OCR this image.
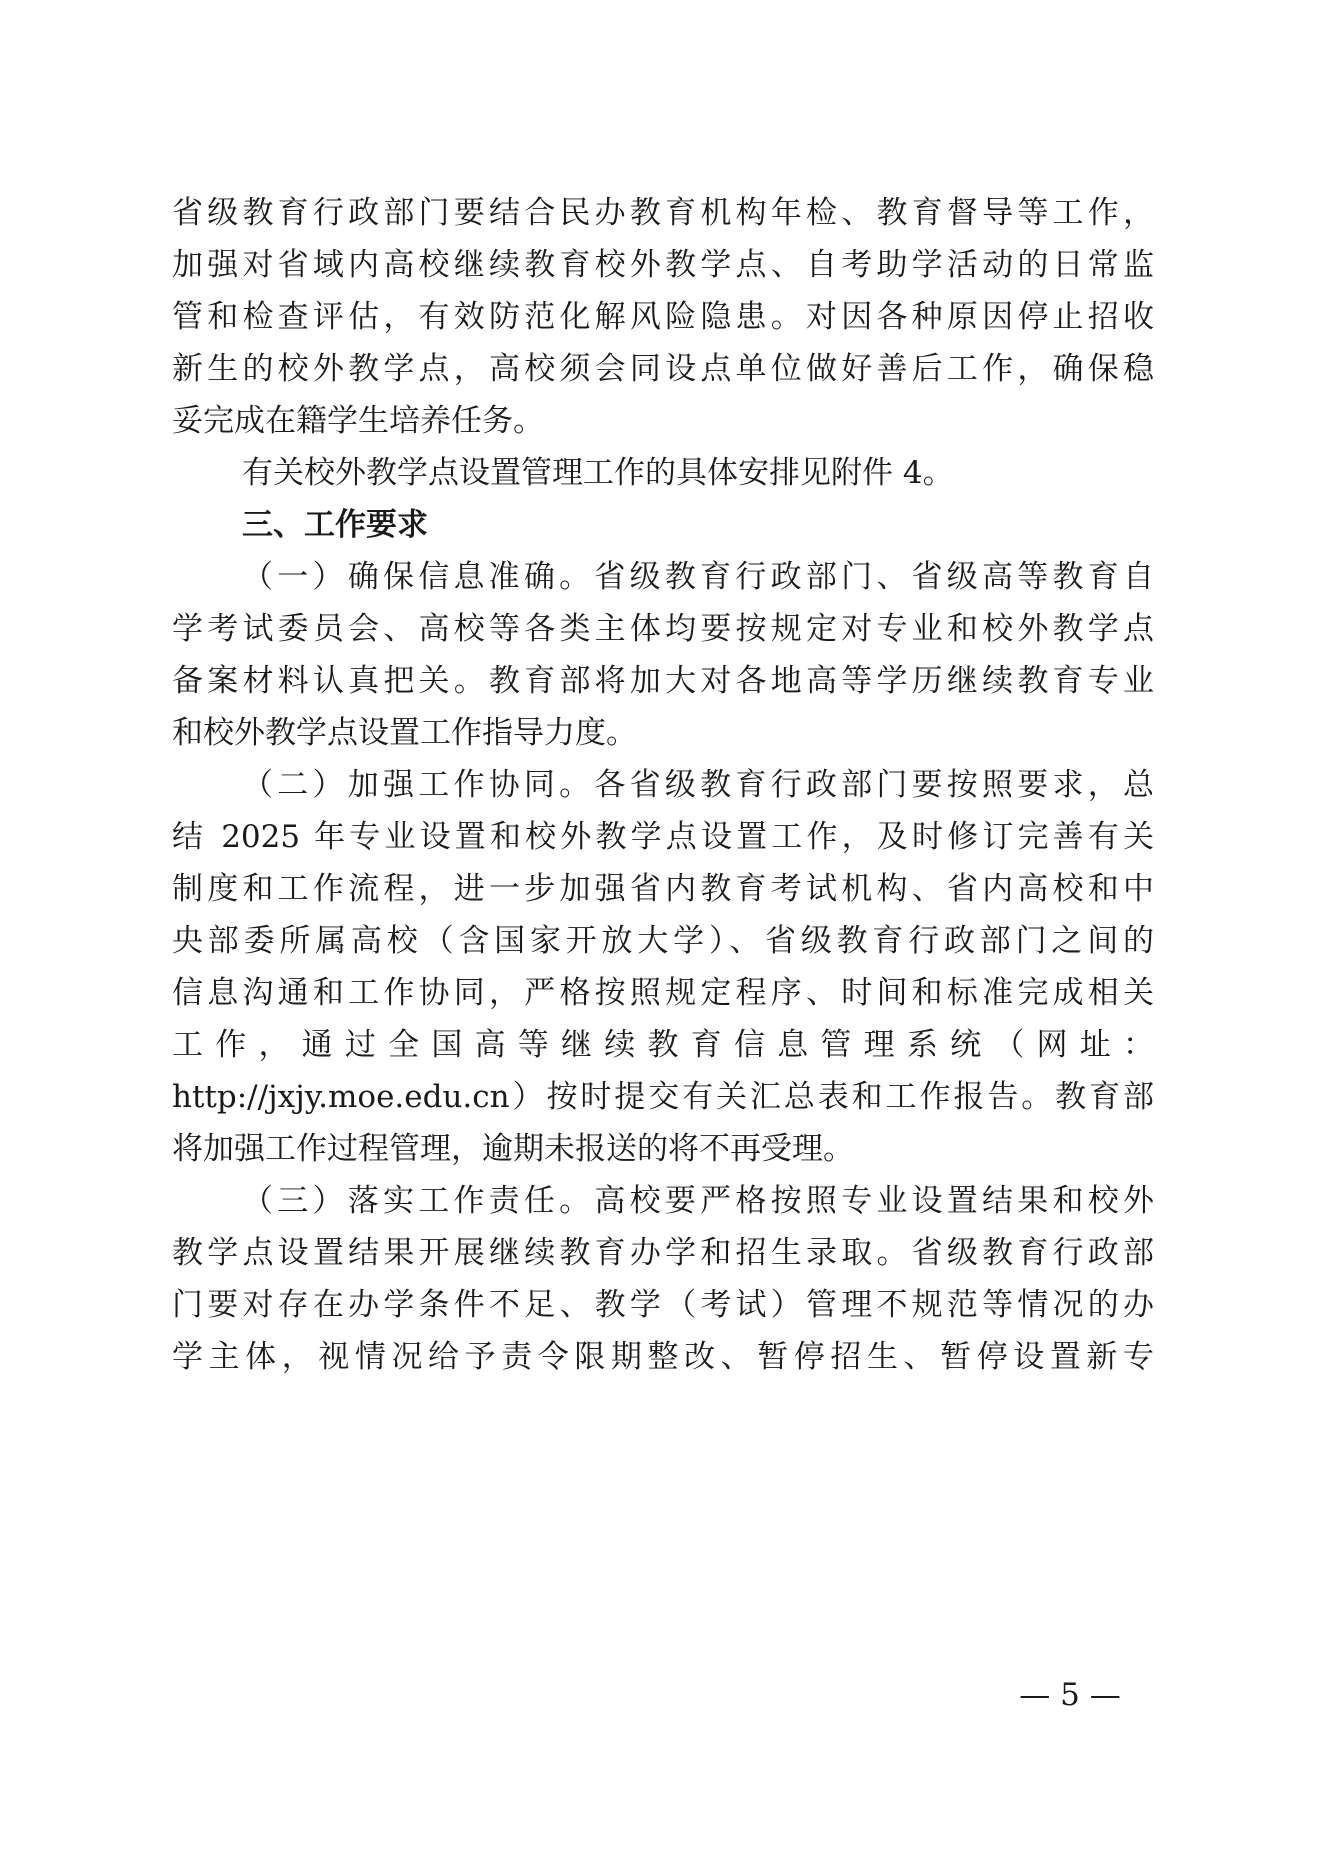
省级教育行政部门要结合民办教育机构年检、教育督导等工作，
加强对省域内高校继续教育校外教学点、自考助学活动的日常监
管和检查评估，有效防范化解风险隐患。对因各种原因停止招收
新生的校外教学点，高校须会同设点单位做好善后工作，确保稳
妥完成在籍学生培养任务。
有关校外教学点设置管理工作的具体安排见附件 4。
三、工作要求
（一）确保信息准确。省级教育行政部门、省级高等教育自
学考试委员会、高校等各类主体均要按规定对专业和校外教学点
备案材料认真把关。教育部将加大对各地高等学历继续教育专业
和校外教学点设置工作指导力度。
（二）加强工作协同。各省级教育行政部门要按照要求，总
结 2025 年专业设置和校外教学点设置工作，及时修订完善有关
制度和工作流程，进一步加强省内教育考试机构、省内高校和中
央部委所属高校（含国家开放大学）、省级教育行政部门之间的
信息沟通和工作协同，严格按照规定程序、时间和标准完成相关
工作，通过全国高等继续教育信息管理系统（网址：
http://jxjy.moe.edu.cn）按时提交有关汇总表和工作报告。教育部
将加强工作过程管理，逾期未报送的将不再受理。
（三）落实工作责任。高校要严格按照专业设置结果和校外
教学点设置结果开展继续教育办学和招生录取。省级教育行政部
门要对存在办学条件不足、教学（考试）管理不规范等情况的办
学主体，视情况给予责令限期整改、暂停招生、暂停设置新专
— 5 —
